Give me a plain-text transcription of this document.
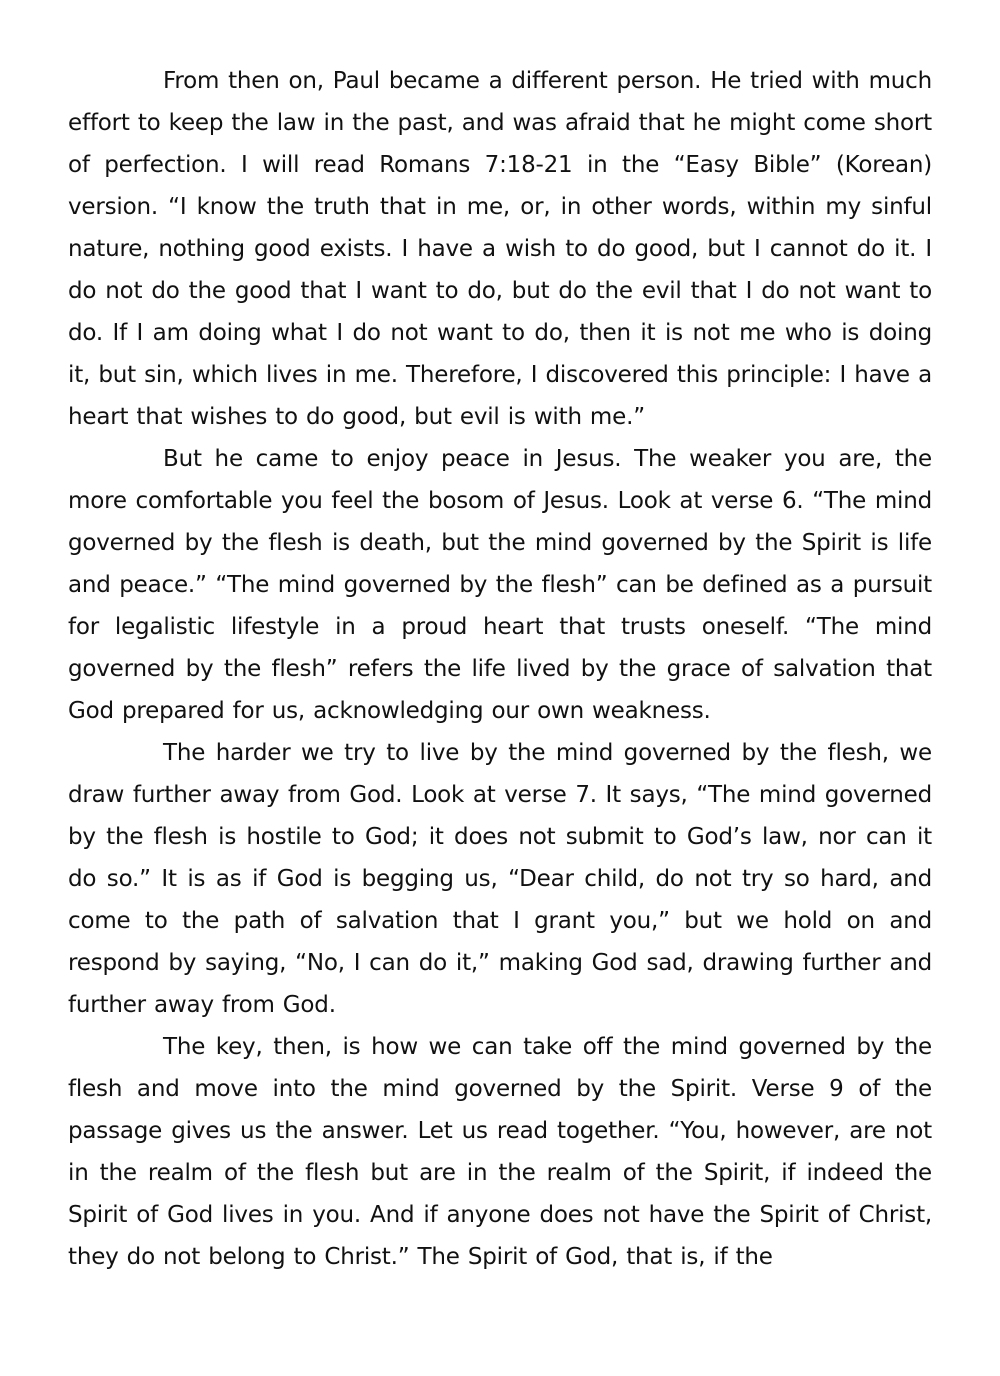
From then on, Paul became a different person. He tried with much effort to keep the law in the past, and was afraid that he might come short of perfection. I will read Romans 7:18-21 in the “Easy Bible” (Korean) version. “I know the truth that in me, or, in other words, within my sinful nature, nothing good exists. I have a wish to do good, but I cannot do it. I do not do the good that I want to do, but do the evil that I do not want to do. If I am doing what I do not want to do, then it is not me who is doing it, but sin, which lives in me. Therefore, I discovered this principle: I have a heart that wishes to do good, but evil is with me.”

But he came to enjoy peace in Jesus. The weaker you are, the more comfortable you feel the bosom of Jesus. Look at verse 6. “The mind governed by the flesh is death, but the mind governed by the Spirit is life and peace.” “The mind governed by the flesh” can be defined as a pursuit for legalistic lifestyle in a proud heart that trusts oneself. “The mind governed by the flesh” refers the life lived by the grace of salvation that God prepared for us, acknowledging our own weakness.

The harder we try to live by the mind governed by the flesh, we draw further away from God. Look at verse 7. It says, “The mind governed by the flesh is hostile to God; it does not submit to God’s law, nor can it do so.” It is as if God is begging us, “Dear child, do not try so hard, and come to the path of salvation that I grant you,” but we hold on and respond by saying, “No, I can do it,” making God sad, drawing further and further away from God.

The key, then, is how we can take off the mind governed by the flesh and move into the mind governed by the Spirit. Verse 9 of the passage gives us the answer. Let us read together. “You, however, are not in the realm of the flesh but are in the realm of the Spirit, if indeed the Spirit of God lives in you. And if anyone does not have the Spirit of Christ, they do not belong to Christ.” The Spirit of God, that is, if the
